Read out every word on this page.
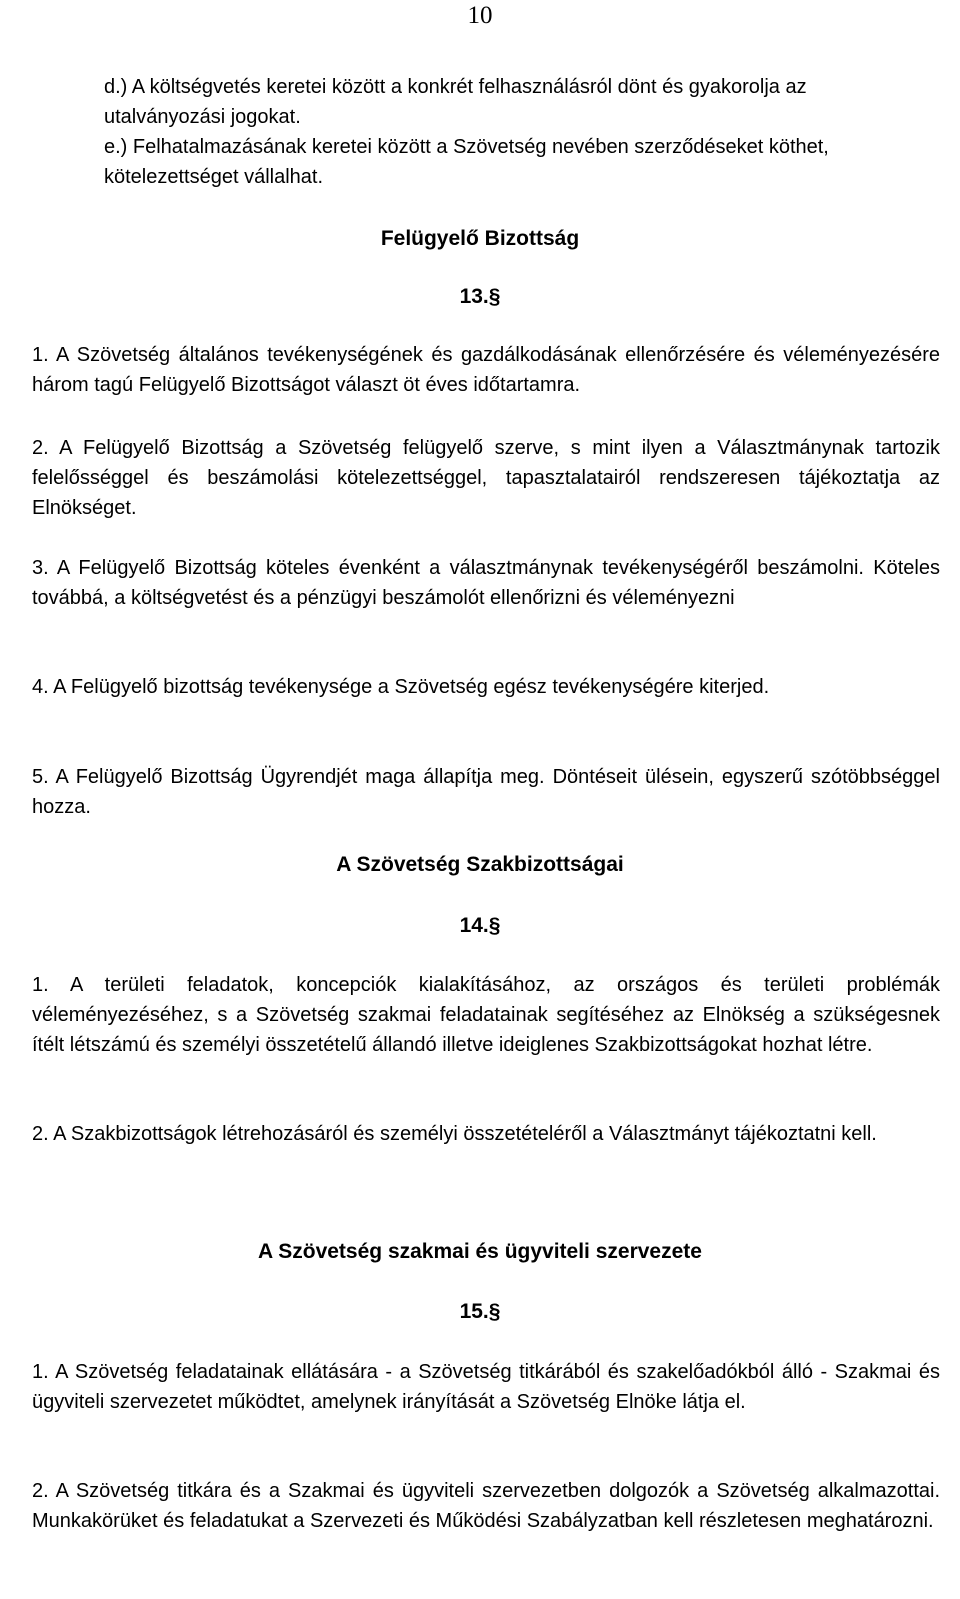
10

d.) A költségvetés keretei között a konkrét felhasználásról dönt és gyakorolja az utalványozási jogokat.

e.) Felhatalmazásának keretei között a Szövetség nevében szerződéseket köthet, kötelezettséget vállalhat.

Felügyelő Bizottság
13.§

1. A Szövetség általános tevékenységének és gazdálkodásának ellenőrzésére és véleményezésére három tagú Felügyelő Bizottságot választ öt éves időtartamra.

2. A Felügyelő Bizottság a Szövetség felügyelő szerve, s mint ilyen a Választmánynak tartozik felelősséggel és beszámolási kötelezettséggel, tapasztalatairól rendszeresen tájékoztatja az Elnökséget.

3. A Felügyelő Bizottság köteles évenként a választmánynak tevékenységéről beszámolni. Köteles továbbá, a költségvetést és a pénzügyi beszámolót ellenőrizni és véleményezni

4. A Felügyelő bizottság tevékenysége a Szövetség egész tevékenységére kiterjed.

5. A Felügyelő Bizottság Ügyrendjét maga állapítja meg. Döntéseit ülésein, egyszerű szótöbbséggel hozza.

A Szövetség Szakbizottságai
14.§

1. A területi feladatok, koncepciók kialakításához, az országos és területi problémák véleményezéséhez, s a Szövetség szakmai feladatainak segítéséhez az Elnökség a szükségesnek ítélt létszámú és személyi összetételű állandó illetve ideiglenes Szakbizottságokat hozhat létre.

2. A Szakbizottságok létrehozásáról és személyi összetételéről a Választmányt tájékoztatni kell.

A Szövetség szakmai és ügyviteli szervezete
15.§

1. A Szövetség feladatainak ellátására - a Szövetség titkárából és szakelőadókból álló - Szakmai és ügyviteli szervezetet működtet, amelynek irányítását a Szövetség Elnöke látja el.

2. A Szövetség titkára és a Szakmai és ügyviteli szervezetben dolgozók a Szövetség alkalmazottai. Munkakörüket és feladatukat a Szervezeti és Működési Szabályzatban kell részletesen meghatározni.
